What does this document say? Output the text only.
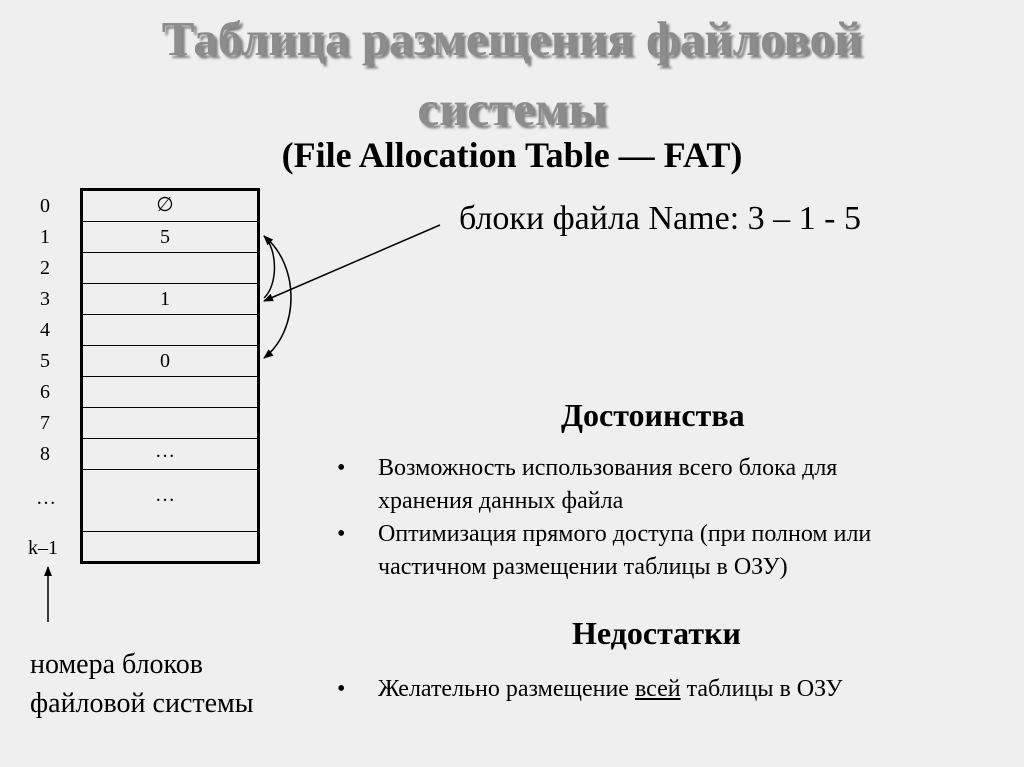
Таблица размещения файловой
системы
(File Allocation Table — FAT)
∅
5
1
0
…
…
0
1
2
3
4
5
6
7
8
…
k–1
номера блоков
файловой системы
блоки файла Name: 3 – 1 - 5
Достоинства
• Возможность использования всего блока для хранения данных файла
• Оптимизация прямого доступа (при полном или частичном размещении таблицы в ОЗУ)
Недостатки
• Желательно размещение всей таблицы в ОЗУ
